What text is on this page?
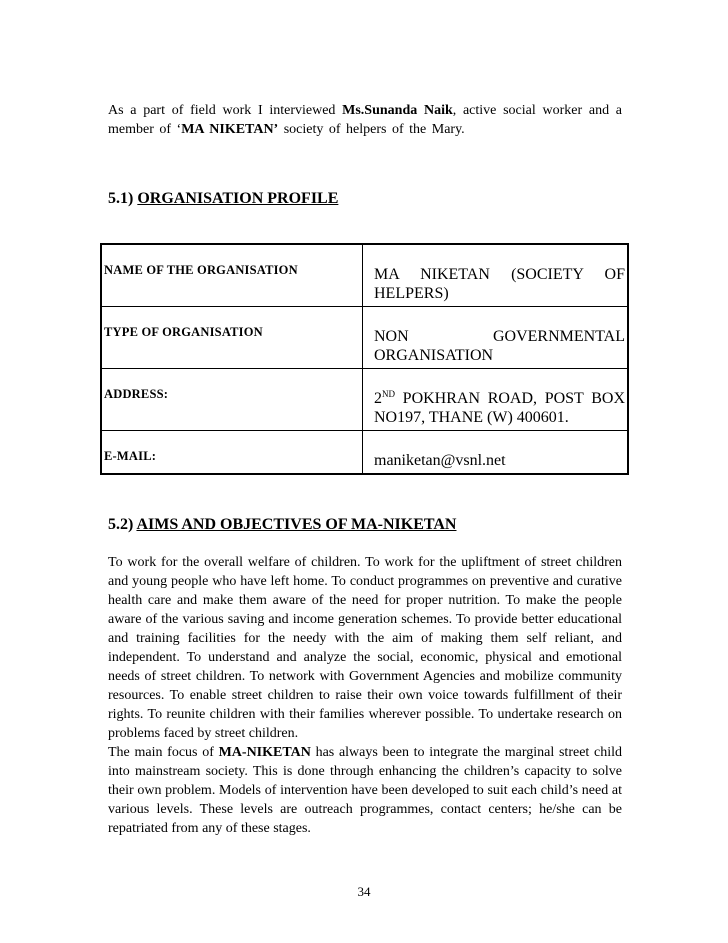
As a part of field work I interviewed Ms.Sunanda Naik, active social worker and a member of ‘MA NIKETAN’ society of helpers of the Mary.

5.1) ORGANISATION PROFILE
NAME OF THE ORGANISATION	MA NIKETAN (SOCIETY OF HELPERS)
TYPE OF ORGANISATION	NON GOVERNMENTAL ORGANISATION
ADDRESS:	2ND POKHRAN ROAD, POST BOX NO197, THANE (W) 400601.
E-MAIL:	maniketan@vsnl.net
5.2) AIMS AND OBJECTIVES OF MA-NIKETAN

To work for the overall welfare of children. To work for the upliftment of street children and young people who have left home. To conduct programmes on preventive and curative health care and make them aware of the need for proper nutrition. To make the people aware of the various saving and income generation schemes. To provide better educational and training facilities for the needy with the aim of making them self reliant, and independent. To understand and analyze the social, economic, physical and emotional needs of street children. To network with Government Agencies and mobilize community resources. To enable street children to raise their own voice towards fulfillment of their rights. To reunite children with their families wherever possible. To undertake research on problems faced by street children.

The main focus of MA-NIKETAN has always been to integrate the marginal street child into mainstream society. This is done through enhancing the children’s capacity to solve their own problem. Models of intervention have been developed to suit each child’s need at various levels. These levels are outreach programmes, contact centers; he/she can be repatriated from any of these stages.

34
